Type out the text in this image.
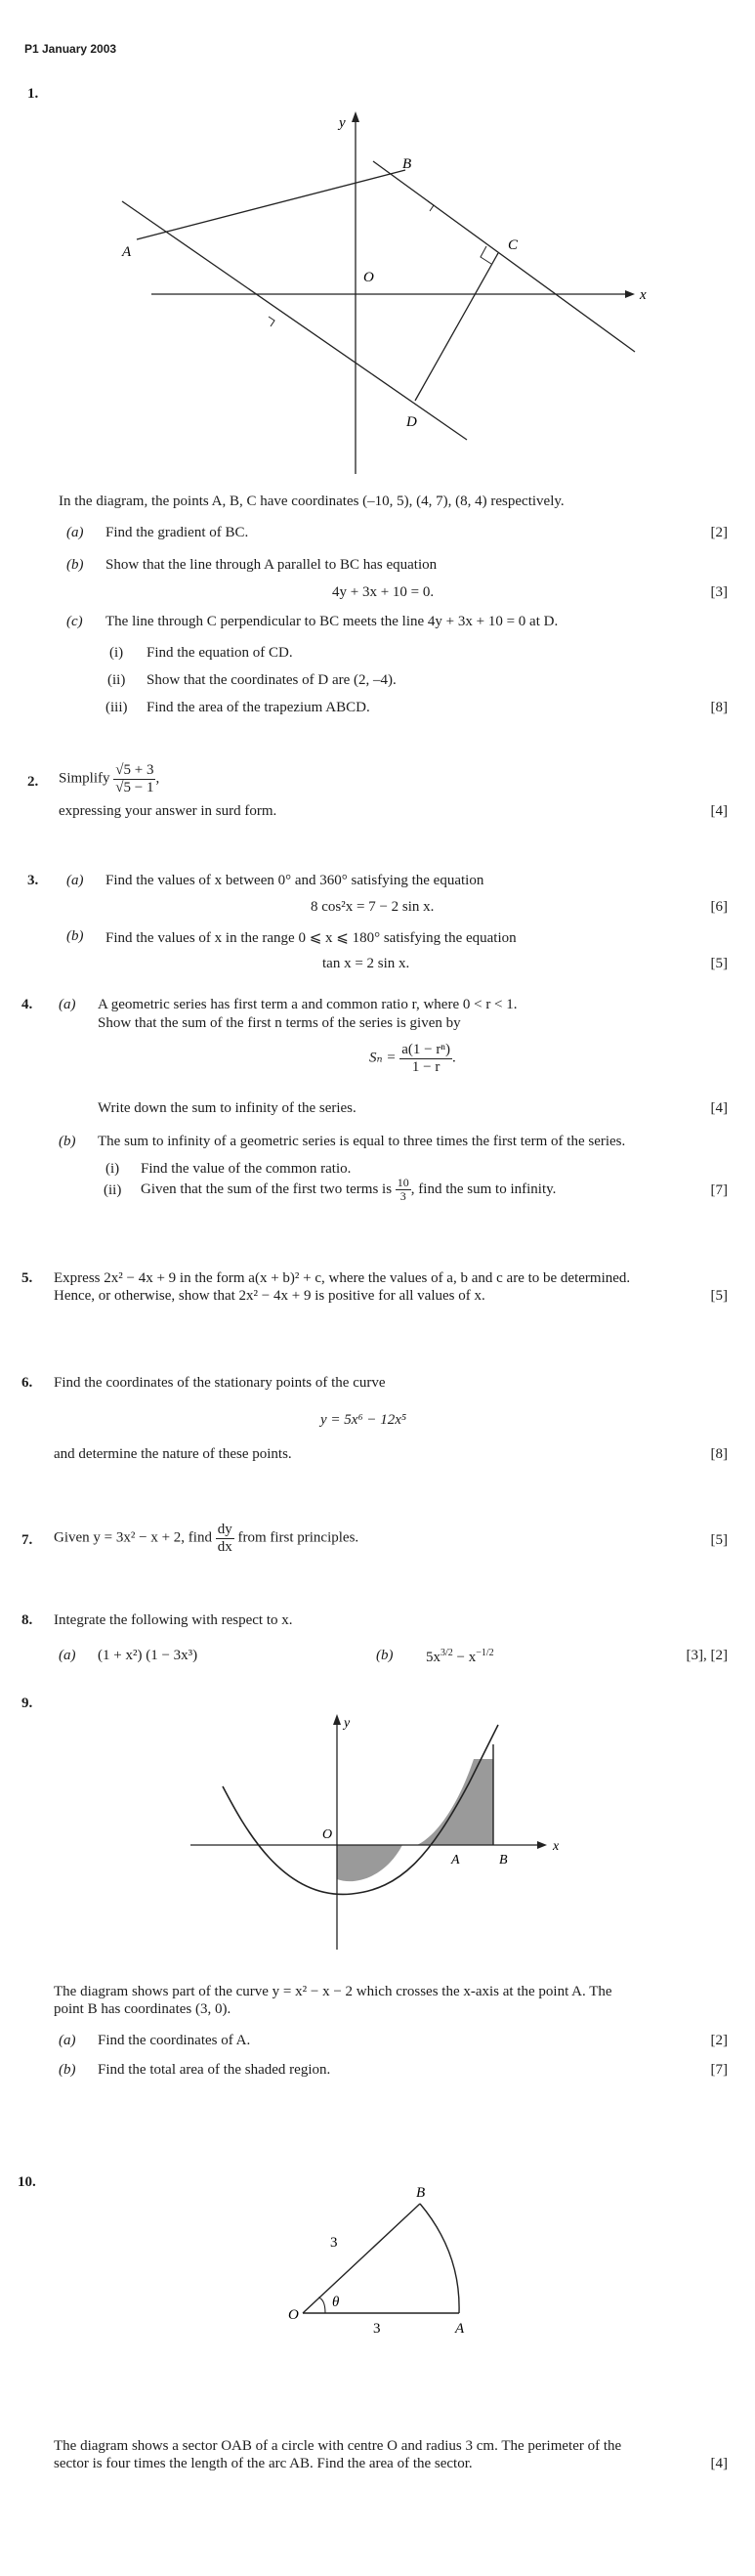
P1 January 2003
1.
y
x
A
B
C
D
O
In the diagram, the points A, B, C have coordinates (–10, 5), (4, 7), (8, 4) respectively.
(a) Find the gradient of BC.	[2]
(b) Show that the line through A parallel to BC has equation
4y + 3x + 10 = 0.	[3]
(c) The line through C perpendicular to BC meets the line 4y + 3x + 10 = 0 at D.
(i) Find the equation of CD.
(ii) Show that the coordinates of D are (2, –4).
(iii) Find the area of the trapezium ABCD.	[8]
2. Simplify $\frac{√5 + 3}{√5 - 1}$ ,
expressing your answer in surd form.	[4]
3. (a) Find the values of x between 0° and 360° satisfying the equation
8 cos²x = 7 − 2 sin x.	[6]
(b) Find the values of x in the range 0 ⩽ x ⩽ 180° satisfying the equation
tan x = 2 sin x.	[5]
4. (a) A geometric series has first term a and common ratio r, where 0 < r < 1.
Show that the sum of the first n terms of the series is given by
$S_n = \frac{\text{a(1 − rⁿ)}}{1 - r}$ .
Write down the sum to infinity of the series.	[4]
(b) The sum to infinity of a geometric series is equal to three times the first term of the series.
(i) Find the value of the common ratio.
(ii) Given that the sum of the first two terms is $\frac{10}{3}$ , find the sum to infinity.	[7]
5. Express 2x² − 4x + 9 in the form a(x + b)² + c, where the values of a, b and c are to be determined.
Hence, or otherwise, show that 2x² − 4x + 9 is positive for all values of x.	[5]
6. Find the coordinates of the stationary points of the curve
y = 5x⁶ − 12x⁵
and determine the nature of these points.	[8]
7. Given y = 3x² − x + 2, find $\frac{dy}{dx}$ from first principles.	[5]
8. Integrate the following with respect to x.
(a) (1 + x²) (1 − 3x³)	(b) $5x^{3/2} - x^{-1/2}$	[3], [2]
9.
y
x
O
A	B
The diagram shows part of the curve y = x² − x − 2 which crosses the x-axis at the point A. The
point B has coordinates (3, 0).
(a) Find the coordinates of A.	[2]
(b) Find the total area of the shaded region.	[7]
10.
O
A
B
θ
3
3
The diagram shows a sector OAB of a circle with centre O and radius 3 cm. The perimeter of the
sector is four times the length of the arc AB. Find the area of the sector.	[4]
